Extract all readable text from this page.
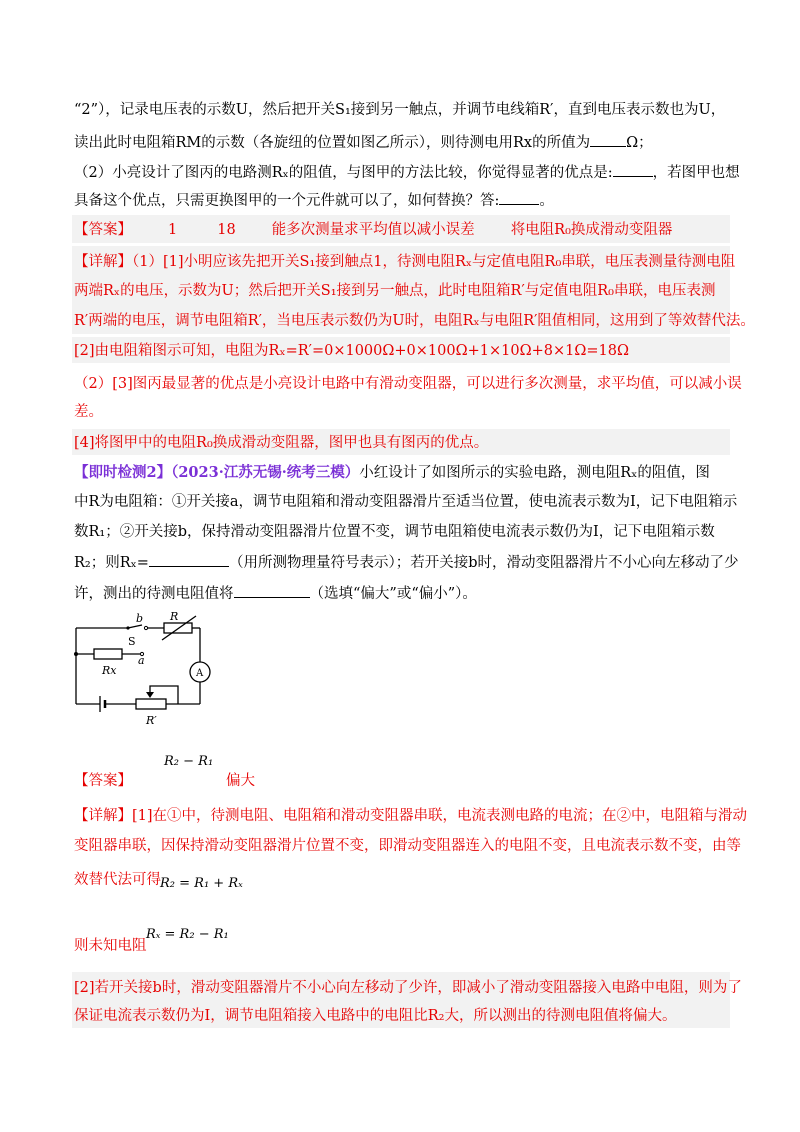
“2”），记录电压表的示数U，然后把开关S₁接到另一触点，并调节电线箱R′，直到电压表示数也为U，
读出此时电阻箱RM的示数（各旋纽的位置如图乙所示），则待测电用Rx的所值为 Ω；
（2）小亮设计了图丙的电路测Rₓ的阻值，与图甲的方法比较，你觉得显著的优点是:	，若图甲也想
具备这个优点，只需更换图甲的一个元件就可以了，如何替换？答:	。
【答案】 1	18 能多次测量求平均值以减小误差 将电阻R₀换成滑动变阻器
【详解】（1）[1]小明应该先把开关S₁接到触点1，待测电阻Rₓ与定值电阻R₀串联，电压表测量待测电阻
两端Rₓ的电压，示数为U；然后把开关S₁接到另一触点，此时电阻箱R′与定值电阻R₀串联，电压表测
R′两端的电压，调节电阻箱R′，当电压表示数仍为U时，电阻Rₓ与电阻R′阻值相同，这用到了等效替代法。
[2]由电阻箱图示可知，电阻为Rₓ=R′=0×1000Ω+0×100Ω+1×10Ω+8×1Ω=18Ω
（2）[3]图丙最显著的优点是小亮设计电路中有滑动变阻器，可以进行多次测量，求平均值，可以减小误
差。
[4]将图甲中的电阻R₀换成滑动变阻器，图甲也具有图丙的优点。
【即时检测2】（2023·江苏无锡·统考三模）小红设计了如图所示的实验电路，测电阻Rₓ的阻值，图
中R为电阻箱：①开关接a，调节电阻箱和滑动变阻器滑片至适当位置，使电流表示数为I，记下电阻箱示
数R₁；②开关接b，保持滑动变阻器滑片位置不变，调节电阻箱使电流表示数仍为I，记下电阻箱示数
R₂；则Rₓ=	（用所测物理量符号表示）；若开关接b时，滑动变阻器滑片不小心向左移动了少
许，测出的待测电阻值将	（选填“偏大”或“偏小”）。
b
S
a
R
Rx	A
R′
R₂ − R₁
【答案】	偏大
【详解】[1]在①中，待测电阻、电阻箱和滑动变阻器串联，电流表测电路的电流；在②中，电阻箱与滑动
变阻器串联，因保持滑动变阻器滑片位置不变，即滑动变阻器连入的电阻不变，且电流表示数不变，由等
效替代法可得 R₂ = R₁ + Rₓ
则未知电阻
Rₓ = R₂ − R₁
[2]若开关接b时，滑动变阻器滑片不小心向左移动了少许，即减小了滑动变阻器接入电路中电阻，则为了
保证电流表示数仍为I，调节电阻箱接入电路中的电阻比R₂大，所以测出的待测电阻值将偏大。
